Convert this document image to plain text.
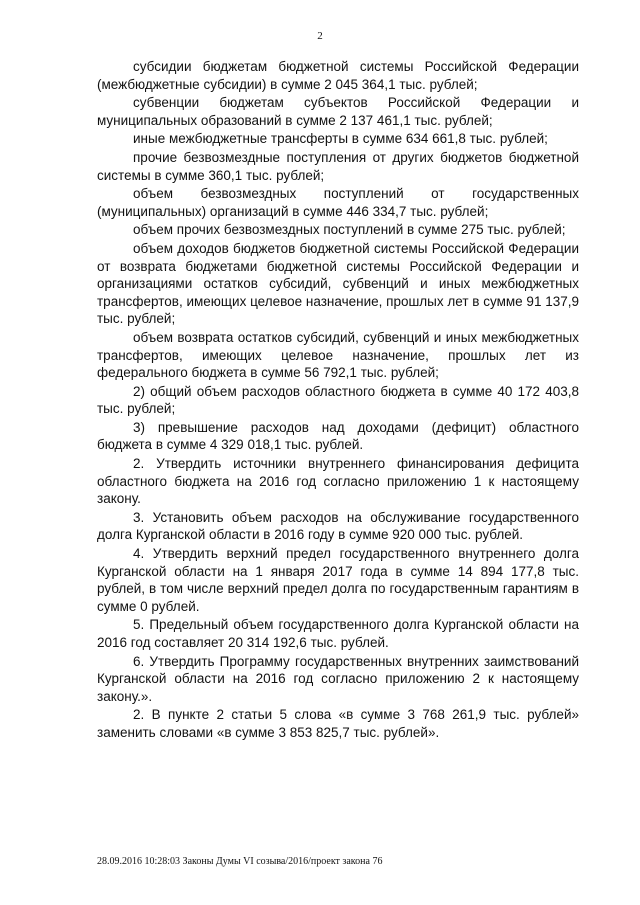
2

субсидии бюджетам бюджетной системы Российской Федерации (межбюджетные субсидии) в сумме 2 045 364,1 тыс. рублей;

субвенции бюджетам субъектов Российской Федерации и муниципальных образований в сумме 2 137 461,1 тыс. рублей;

иные межбюджетные трансферты в сумме 634 661,8 тыс. рублей;

прочие безвозмездные поступления от других бюджетов бюджетной системы в сумме 360,1 тыс. рублей;

объем безвозмездных поступлений от государственных (муниципальных) организаций в сумме 446 334,7 тыс. рублей;

объем прочих безвозмездных поступлений в сумме 275 тыс. рублей;

объем доходов бюджетов бюджетной системы Российской Федерации от возврата бюджетами бюджетной системы Российской Федерации и организациями остатков субсидий, субвенций и иных межбюджетных трансфертов, имеющих целевое назначение, прошлых лет в сумме 91 137,9 тыс. рублей;

объем возврата остатков субсидий, субвенций и иных межбюджетных трансфертов, имеющих целевое назначение, прошлых лет из федерального бюджета в сумме 56 792,1 тыс. рублей;

2) общий объем расходов областного бюджета в сумме 40 172 403,8 тыс. рублей;

3) превышение расходов над доходами (дефицит) областного бюджета в сумме 4 329 018,1 тыс. рублей.

2. Утвердить источники внутреннего финансирования дефицита областного бюджета на 2016 год согласно приложению 1 к настоящему закону.

3. Установить объем расходов на обслуживание государственного долга Курганской области в 2016 году в сумме 920 000 тыс. рублей.

4. Утвердить верхний предел государственного внутреннего долга Курганской области на 1 января 2017 года в сумме 14 894 177,8 тыс. рублей, в том числе верхний предел долга по государственным гарантиям в сумме 0 рублей.

5. Предельный объем государственного долга Курганской области на 2016 год составляет 20 314 192,6 тыс. рублей.

6. Утвердить Программу государственных внутренних заимствований Курганской области на 2016 год согласно приложению 2 к настоящему закону.».

2. В пункте 2 статьи 5 слова «в сумме 3 768 261,9 тыс. рублей» заменить словами «в сумме 3 853 825,7 тыс. рублей».

28.09.2016 10:28:03 Законы Думы VI созыва/2016/проект закона 76
